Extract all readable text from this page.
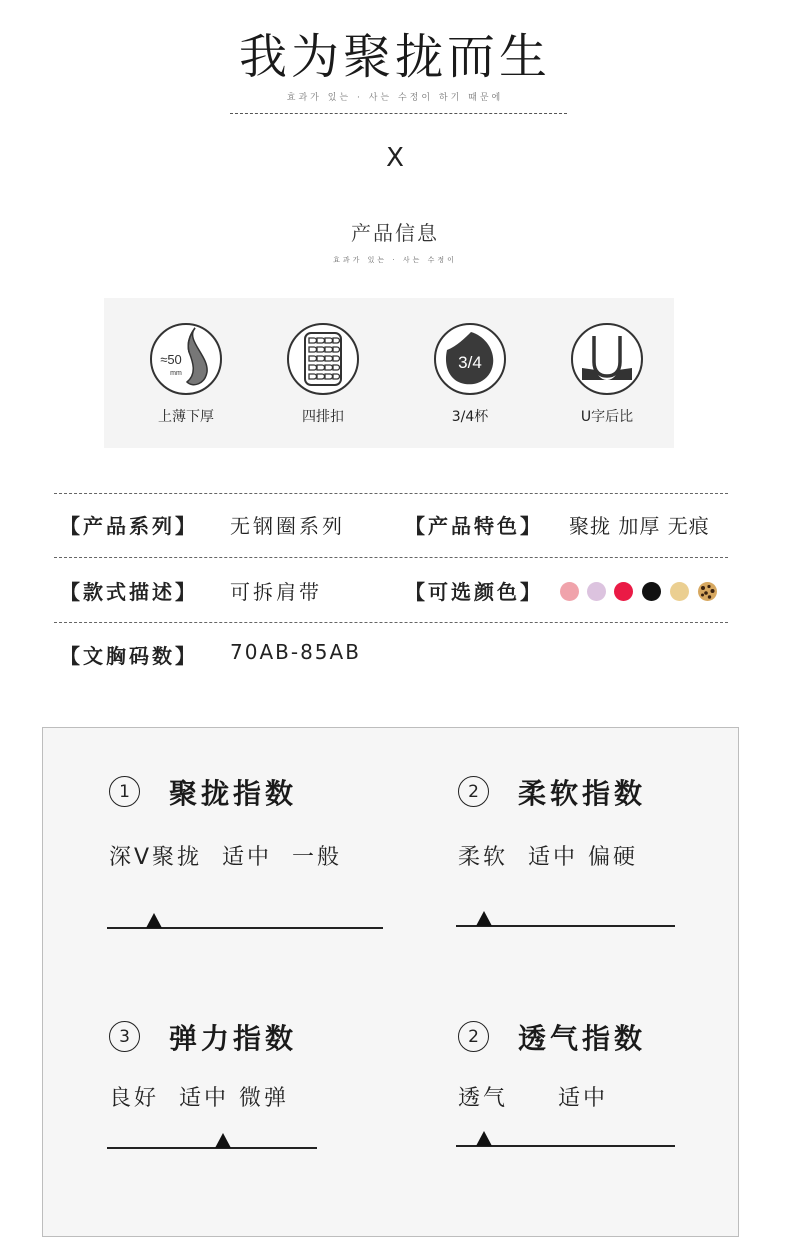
我为聚拢而生
효과가 있는 · 사는 수정이 하기 때문에
X
产品信息
효과가 있는 · 사는 수정이
≈50
mm
上薄下厚	四排扣
3/4
3/4杯	U字后比
【产品系列】 无钢圈系列	【产品特色】 聚拢 加厚 无痕
【款式描述】 可拆肩带	【可选颜色】
【文胸码数】 70AB-85AB
1	聚拢指数
深V聚拢  适中  一般
2	柔软指数
柔软  适中 偏硬
3	弹力指数
良好  适中 微弹
2	透气指数
透气     适中
